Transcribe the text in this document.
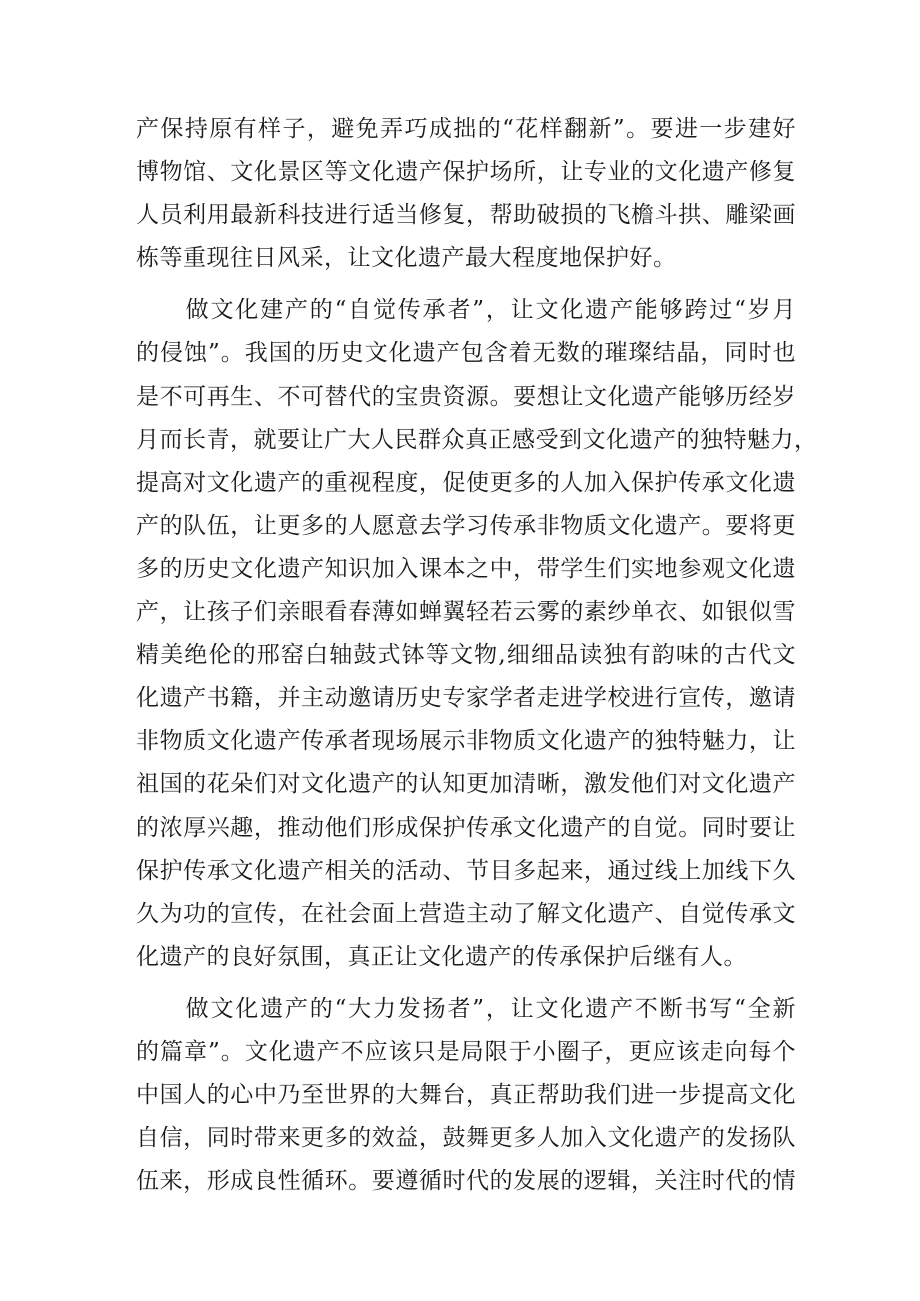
产保持原有样子，避免弄巧成拙的“花样翻新”。要进一步建好
博物馆、文化景区等文化遗产保护场所，让专业的文化遗产修复
人员利用最新科技进行适当修复，帮助破损的飞檐斗拱、雕梁画
栋等重现往日风采，让文化遗产最大程度地保护好。
　　做文化建产的“自觉传承者”，让文化遗产能够跨过“岁月
的侵蚀”。我国的历史文化遗产包含着无数的璀璨结晶，同时也
是不可再生、不可替代的宝贵资源。要想让文化遗产能够历经岁
月而长青，就要让广大人民群众真正感受到文化遗产的独特魅力，
提高对文化遗产的重视程度，促使更多的人加入保护传承文化遗
产的队伍，让更多的人愿意去学习传承非物质文化遗产。要将更
多的历史文化遗产知识加入课本之中，带学生们实地参观文化遗
产，让孩子们亲眼看春薄如蝉翼轻若云雾的素纱单衣、如银似雪
精美绝伦的邢窑白轴鼓式钵等文物,细细品读独有韵味的古代文
化遗产书籍，并主动邀请历史专家学者走进学校进行宣传，邀请
非物质文化遗产传承者现场展示非物质文化遗产的独特魅力，让
祖国的花朵们对文化遗产的认知更加清晰，激发他们对文化遗产
的浓厚兴趣，推动他们形成保护传承文化遗产的自觉。同时要让
保护传承文化遗产相关的活动、节目多起来，通过线上加线下久
久为功的宣传，在社会面上营造主动了解文化遗产、自觉传承文
化遗产的良好氛围，真正让文化遗产的传承保护后继有人。
　　做文化遗产的“大力发扬者”，让文化遗产不断书写“全新
的篇章”。文化遗产不应该只是局限于小圈子，更应该走向每个
中国人的心中乃至世界的大舞台，真正帮助我们进一步提高文化
自信，同时带来更多的效益，鼓舞更多人加入文化遗产的发扬队
伍来，形成良性循环。要遵循时代的发展的逻辑，关注时代的情
